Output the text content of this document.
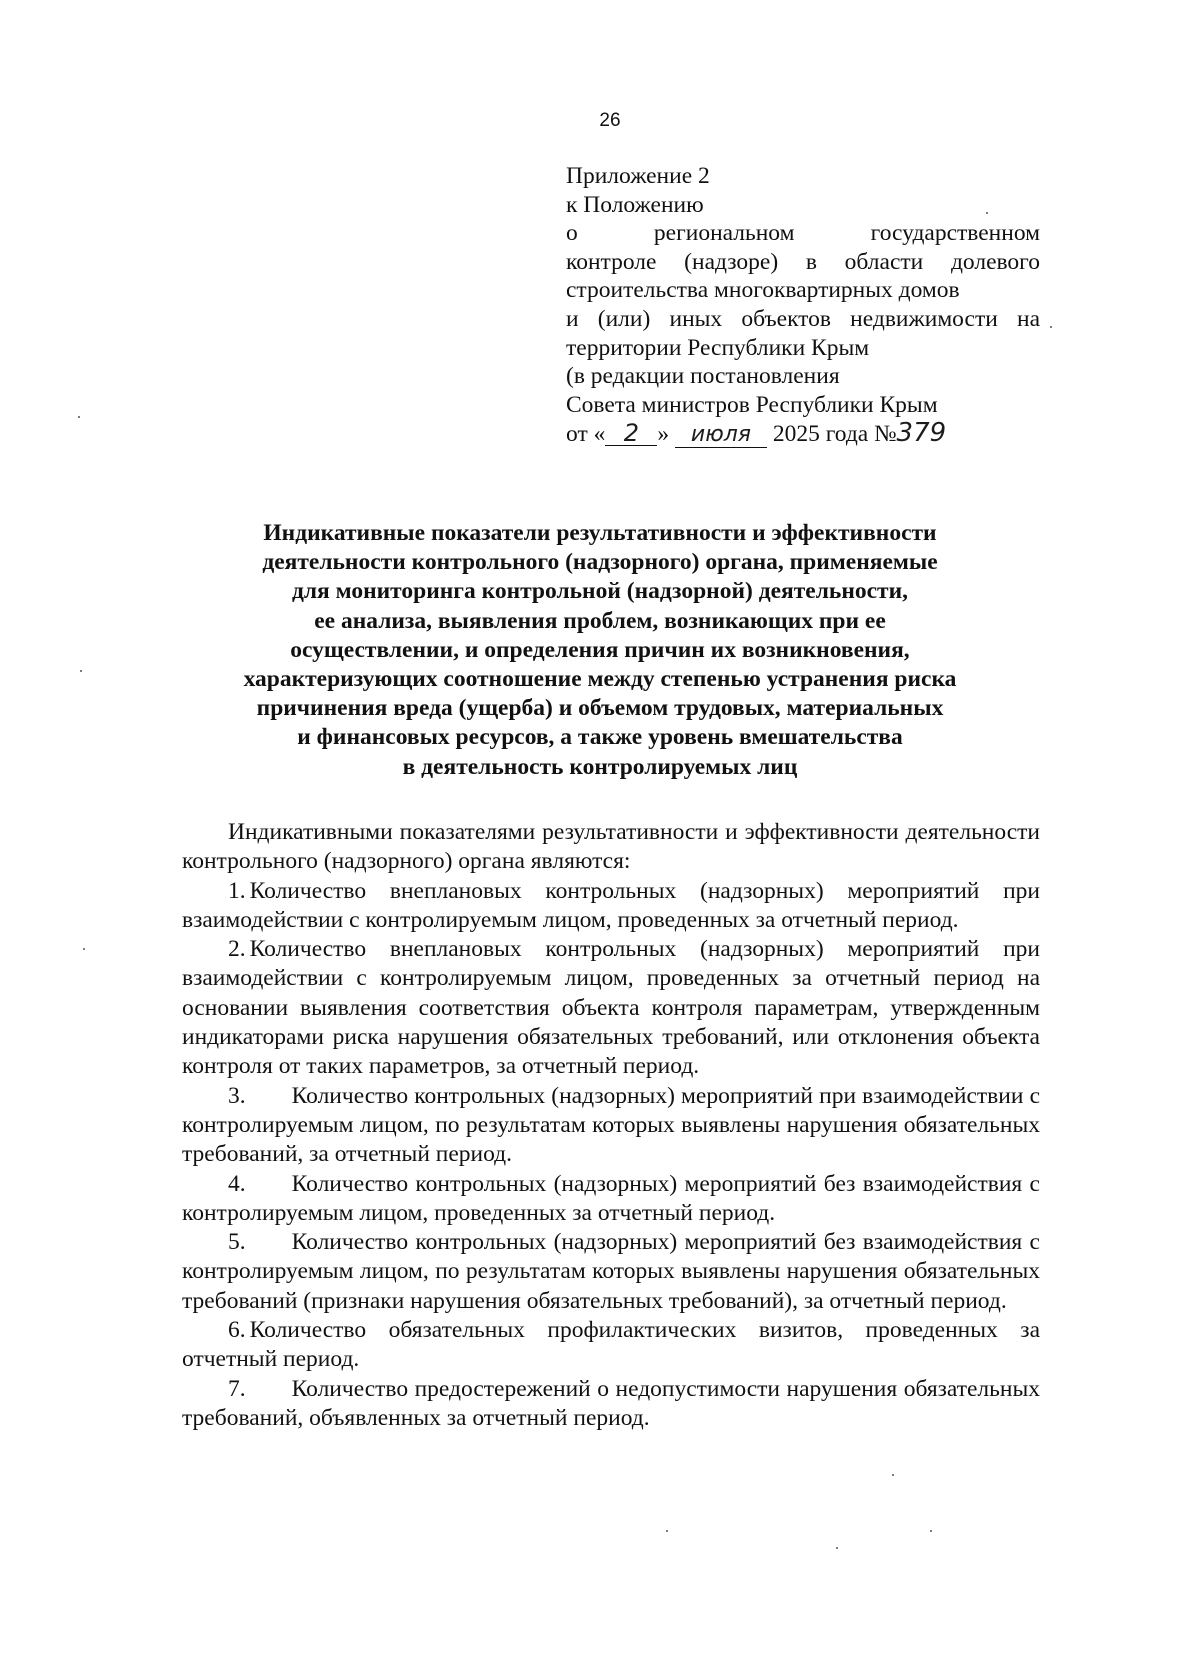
26
Приложение 2
к Положению
о региональном государственном
контроле (надзоре) в области долевого
строительства многоквартирных домов
и (или) иных объектов недвижимости на
территории Республики Крым
(в редакции постановления
Совета министров Республики Крым
от « 2 » июля 2025 года №379
Индикативные показатели результативности и эффективности
деятельности контрольного (надзорного) органа, применяемые
для мониторинга контрольной (надзорной) деятельности,
ее анализа, выявления проблем, возникающих при ее
осуществлении, и определения причин их возникновения,
характеризующих соотношение между степенью устранения риска
причинения вреда (ущерба) и объемом трудовых, материальных
и финансовых ресурсов, а также уровень вмешательства
в деятельность контролируемых лиц

Индикативными показателями результативности и эффективности деятельности контрольного (надзорного) органа являются:

1. Количество внеплановых контрольных (надзорных) мероприятий при взаимодействии с контролируемым лицом, проведенных за отчетный период.

2. Количество внеплановых контрольных (надзорных) мероприятий при взаимодействии с контролируемым лицом, проведенных за отчетный период на основании выявления соответствия объекта контроля параметрам, утвержденным индикаторами риска нарушения обязательных требований, или отклонения объекта контроля от таких параметров, за отчетный период.

3. Количество контрольных (надзорных) мероприятий при взаимодействии с контролируемым лицом, по результатам которых выявлены нарушения обязательных требований, за отчетный период.

4. Количество контрольных (надзорных) мероприятий без взаимодействия с контролируемым лицом, проведенных за отчетный период.

5. Количество контрольных (надзорных) мероприятий без взаимодействия с контролируемым лицом, по результатам которых выявлены нарушения обязательных требований (признаки нарушения обязательных требований), за отчетный период.

6. Количество обязательных профилактических визитов, проведенных за отчетный период.

7. Количество предостережений о недопустимости нарушения обязательных требований, объявленных за отчетный период.
